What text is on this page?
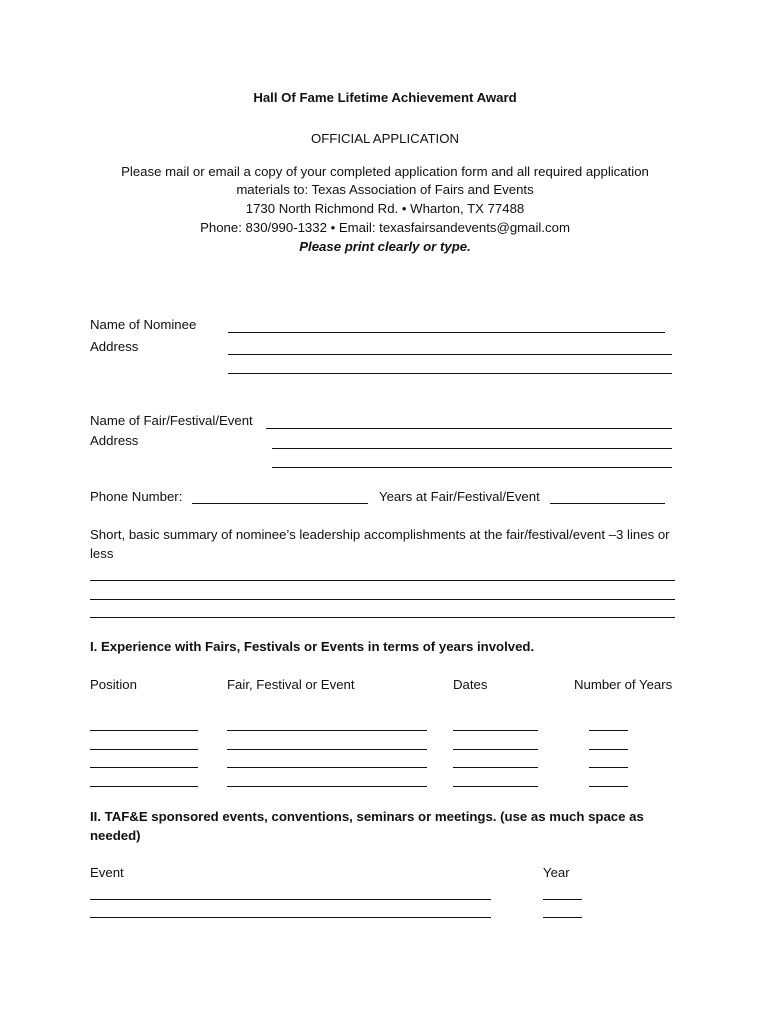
Hall Of Fame Lifetime Achievement Award
OFFICIAL APPLICATION
Please mail or email a copy of your completed application form and all required application
materials to: Texas Association of Fairs and Events
1730 North Richmond Rd. • Wharton, TX 77488
Phone: 830/990-1332 • Email: texasfairsandevents@gmail.com
Please print clearly or type.
Name of Nominee
Address
Name of Fair/Festival/Event
Address
Phone Number:	Years at Fair/Festival/Event
Short, basic summary of nominee’s leadership accomplishments at the fair/festival/event –3 lines or less
I. Experience with Fairs, Festivals or Events in terms of years involved.
Position	Fair, Festival or Event	Dates	Number of Years
II. TAF&E sponsored events, conventions, seminars or meetings. (use as much space as needed)
Event	Year
